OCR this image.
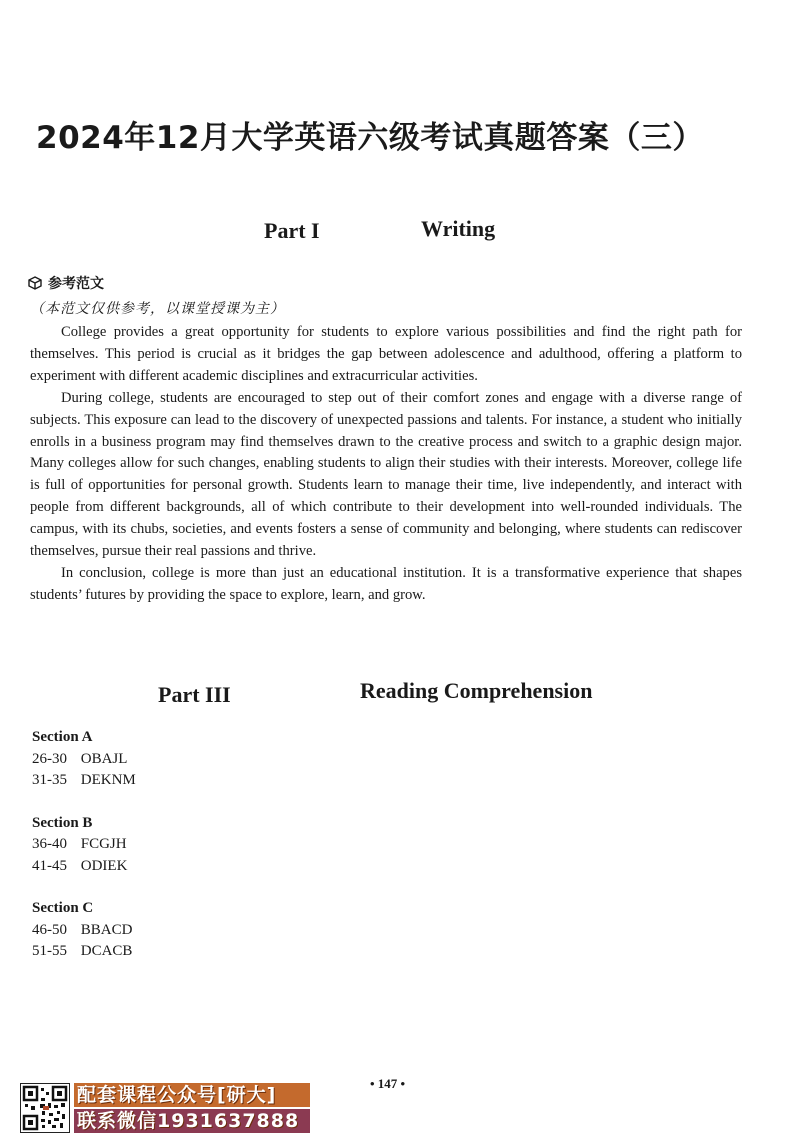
2024年12月大学英语六级考试真题答案（三）
Part I	Writing
参考范文
（本范文仅供参考，以课堂授课为主）

College provides a great opportunity for students to explore various possibilities and find the right path for themselves. This period is crucial as it bridges the gap between adolescence and adulthood, offering a platform to experiment with different academic disciplines and extracurricular activities.

During college, students are encouraged to step out of their comfort zones and engage with a diverse range of subjects. This exposure can lead to the discovery of unexpected passions and talents. For instance, a student who initially enrolls in a business program may find themselves drawn to the creative process and switch to a graphic design major. Many colleges allow for such changes, enabling students to align their studies with their interests. Moreover, college life is full of opportunities for personal growth. Students learn to manage their time, live independently, and interact with people from different backgrounds, all of which contribute to their development into well-rounded individuals. The campus, with its chubs, societies, and events fosters a sense of community and belonging, where students can rediscover themselves, pursue their real passions and thrive.

In conclusion, college is more than just an educational institution. It is a transformative experience that shapes students’ futures by providing the space to explore, learn, and grow.

Part III	Reading Comprehension
Section A
26-30 OBAJL
31-35 DEKNM
Section B
36-40 FCGJH
41-45 ODIEK
Section C
46-50 BBACD
51-55 DCACB
• 147 •
配套课程公众号[研大]
联系微信1931637888
